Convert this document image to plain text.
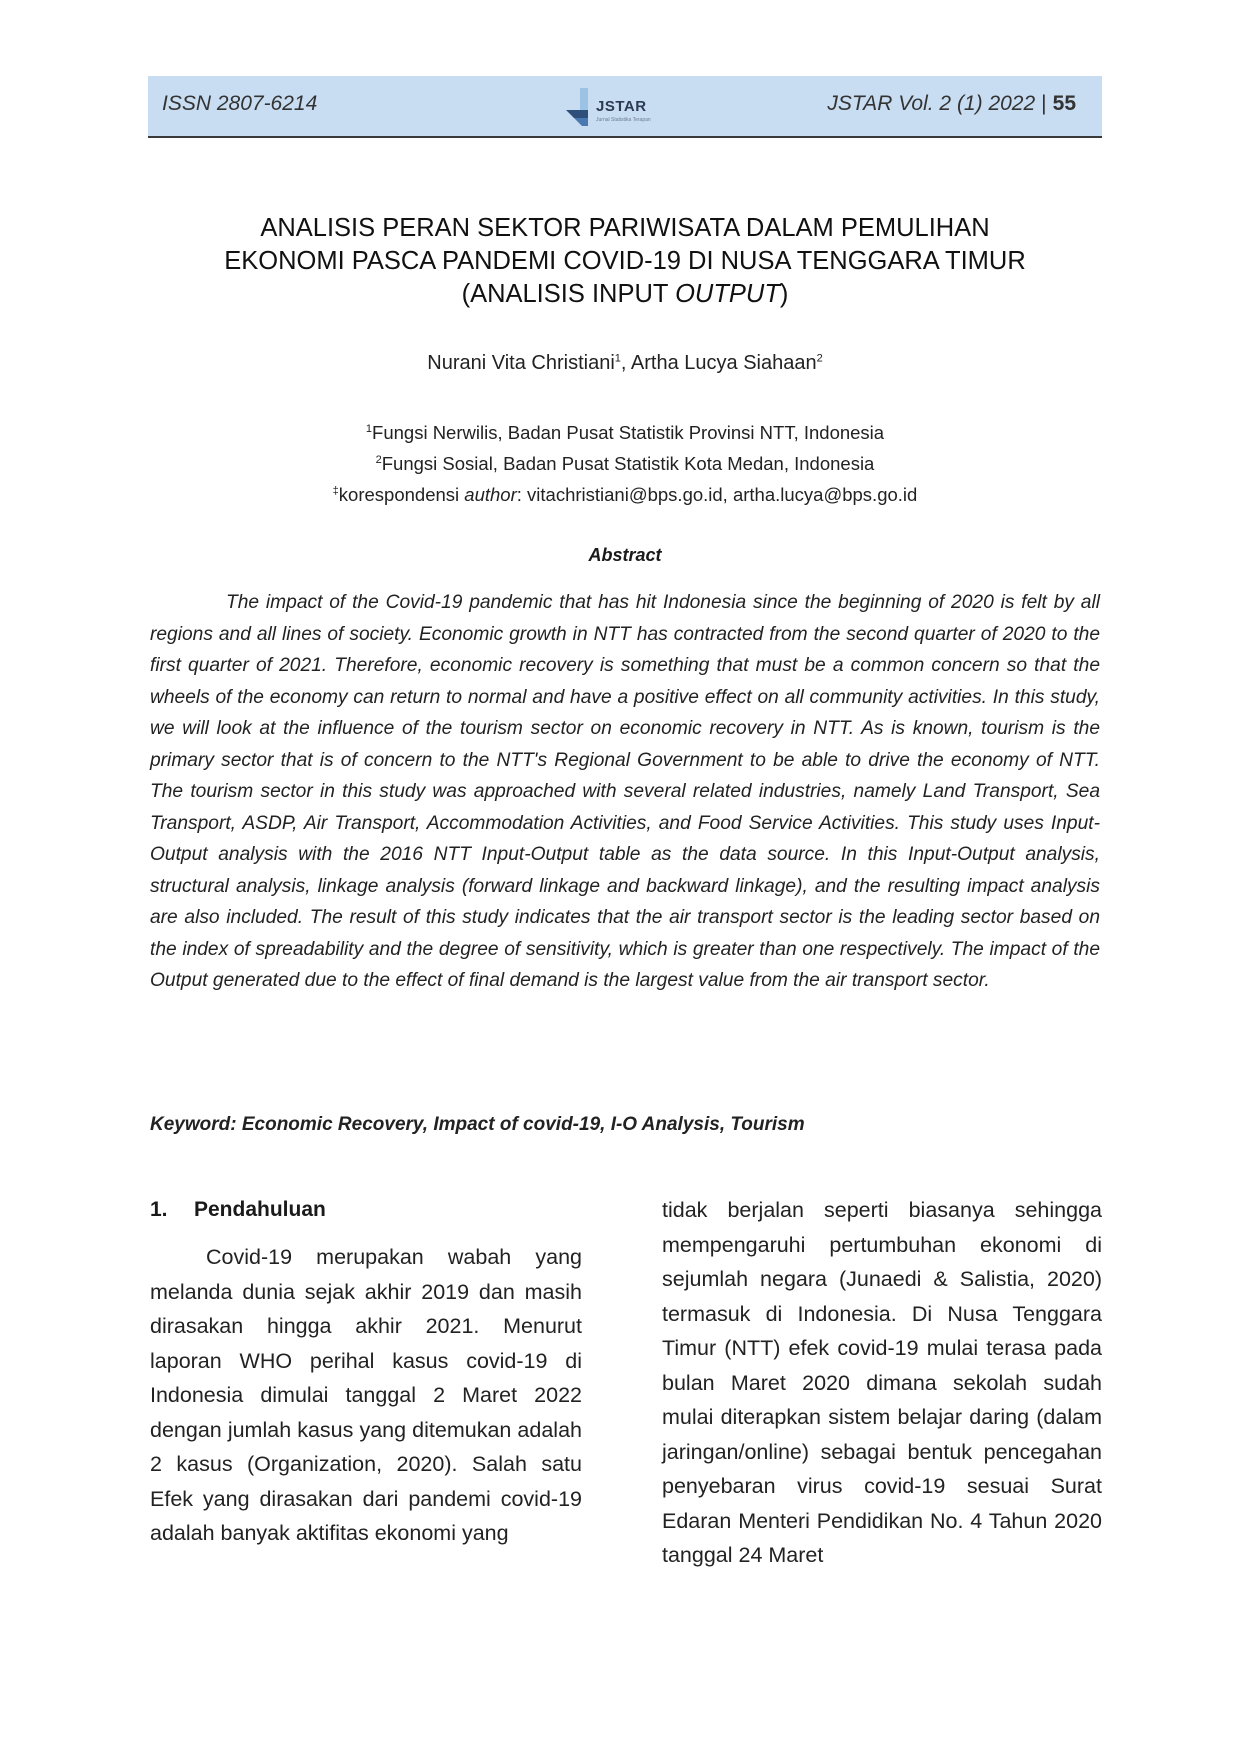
ISSN 2807-6214	JSTAR
Jurnal Statistika Terapan
JSTAR Vol. 2 (1) 2022 | 55
ANALISIS PERAN SEKTOR PARIWISATA DALAM PEMULIHAN
EKONOMI PASCA PANDEMI COVID-19 DI NUSA TENGGARA TIMUR
(ANALISIS INPUT OUTPUT)
Nurani Vita Christiani$^1$, Artha Lucya Siahaan$^2$
$^1$Fungsi Nerwilis, Badan Pusat Statistik Provinsi NTT, Indonesia
$^2$Fungsi Sosial, Badan Pusat Statistik Kota Medan, Indonesia
‡korespondensi author: vitachristiani@bps.go.id, artha.lucya@bps.go.id
Abstract

The impact of the Covid-19 pandemic that has hit Indonesia since the beginning of 2020 is felt by all regions and all lines of society. Economic growth in NTT has contracted from the second quarter of 2020 to the first quarter of 2021. Therefore, economic recovery is something that must be a common concern so that the wheels of the economy can return to normal and have a positive effect on all community activities. In this study, we will look at the influence of the tourism sector on economic recovery in NTT. As is known, tourism is the primary sector that is of concern to the NTT's Regional Government to be able to drive the economy of NTT. The tourism sector in this study was approached with several related industries, namely Land Transport, Sea Transport, ASDP, Air Transport, Accommodation Activities, and Food Service Activities. This study uses Input-Output analysis with the 2016 NTT Input-Output table as the data source. In this Input-Output analysis, structural analysis, linkage analysis (forward linkage and backward linkage), and the resulting impact analysis are also included. The result of this study indicates that the air transport sector is the leading sector based on the index of spreadability and the degree of sensitivity, which is greater than one respectively. The impact of the Output generated due to the effect of final demand is the largest value from the air transport sector.

Keyword: Economic Recovery, Impact of covid-19, I-O Analysis, Tourism
1. Pendahuluan

Covid-19 merupakan wabah yang melanda dunia sejak akhir 2019 dan masih dirasakan hingga akhir 2021. Menurut laporan WHO perihal kasus covid-19 di Indonesia dimulai tanggal 2 Maret 2022 dengan jumlah kasus yang ditemukan adalah 2 kasus (Organization, 2020). Salah satu Efek yang dirasakan dari pandemi covid-19 adalah banyak aktifitas ekonomi yang

tidak berjalan seperti biasanya sehingga mempengaruhi pertumbuhan ekonomi di sejumlah negara (Junaedi & Salistia, 2020) termasuk di Indonesia. Di Nusa Tenggara Timur (NTT) efek covid-19 mulai terasa pada bulan Maret 2020 dimana sekolah sudah mulai diterapkan sistem belajar daring (dalam jaringan/online) sebagai bentuk pencegahan penyebaran virus covid-19 sesuai Surat Edaran Menteri Pendidikan No. 4 Tahun 2020 tanggal 24 Maret
